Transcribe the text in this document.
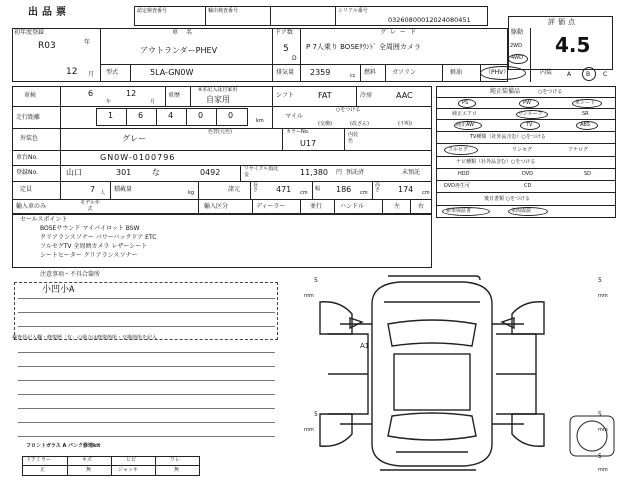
出品票	認定検査番号	輸出検査番号	シリアル番号
03260800012024080451	評価点
4.5
初年度登録
R03	年
12 月
車名
アウトランダーPHEV
ドア数
5
D
グレード
P 7人乗り BOSEｻｳﾝﾄﾞ 全周囲カメラ
駆動
2WD
4WD
型式	5LA-GN0W	排気量 2359	cc 燃料	ガソリン	軽油	（PHV）	内装 A B C
車検	6
年
12
月
車歴
※本記入は自家用
自家用	シフト	FAT	冷房	AAC
走行距離	1	6	4	0	0
km
○をつける
マイル
(交換)	(改ざん)	(不明)
外装色	グレー
色替(元色)	カラーNo.
U17
内装色
車台No.	GN0W-0100796
登録No.	山口	301	な	0492	リサイクル預託金	11,380 円 預託済	未預託
定員	7 人 積載量	kg	諸元
長さ 471 cm
幅 186 cm
高さ 174 cm
輸入車のみ	モデル年式	輸入区分	ディーラー	並行	ハンドル	左	右
セールスポイント
BOSEサウンド マイパイロット BSW
クリアランスソナー パワーバックドア ETC
フルセグTV 全周囲カメラ レザーシート
シートヒーター クリアランスソナー
純正装備品	○をつける
PS	PW	革シート
純正エアロ	サンルーフ	SR
純正AW	TV	ABS
TV種類（社外品含む）○をつける
フルセグ	ワンセグ	アナログ
ナビ種類（社外品含む）○をつける
HDD	DVD	SD
DVD再生可	CD
後日書類 ○をつける
新車保証書	車両取説
注意事項・不具合箇所
小凹小A
検査員記入欄・修復歴「有」の場合は修復箇所・交換箇所を記入
フロントガラス A パンク修理kit
ドアミラー	キズ	ヒビ	ワレ
正	無	ジャッキ	無
A1
5
mm
5
mm
5
mm
5
mm
5
mm
